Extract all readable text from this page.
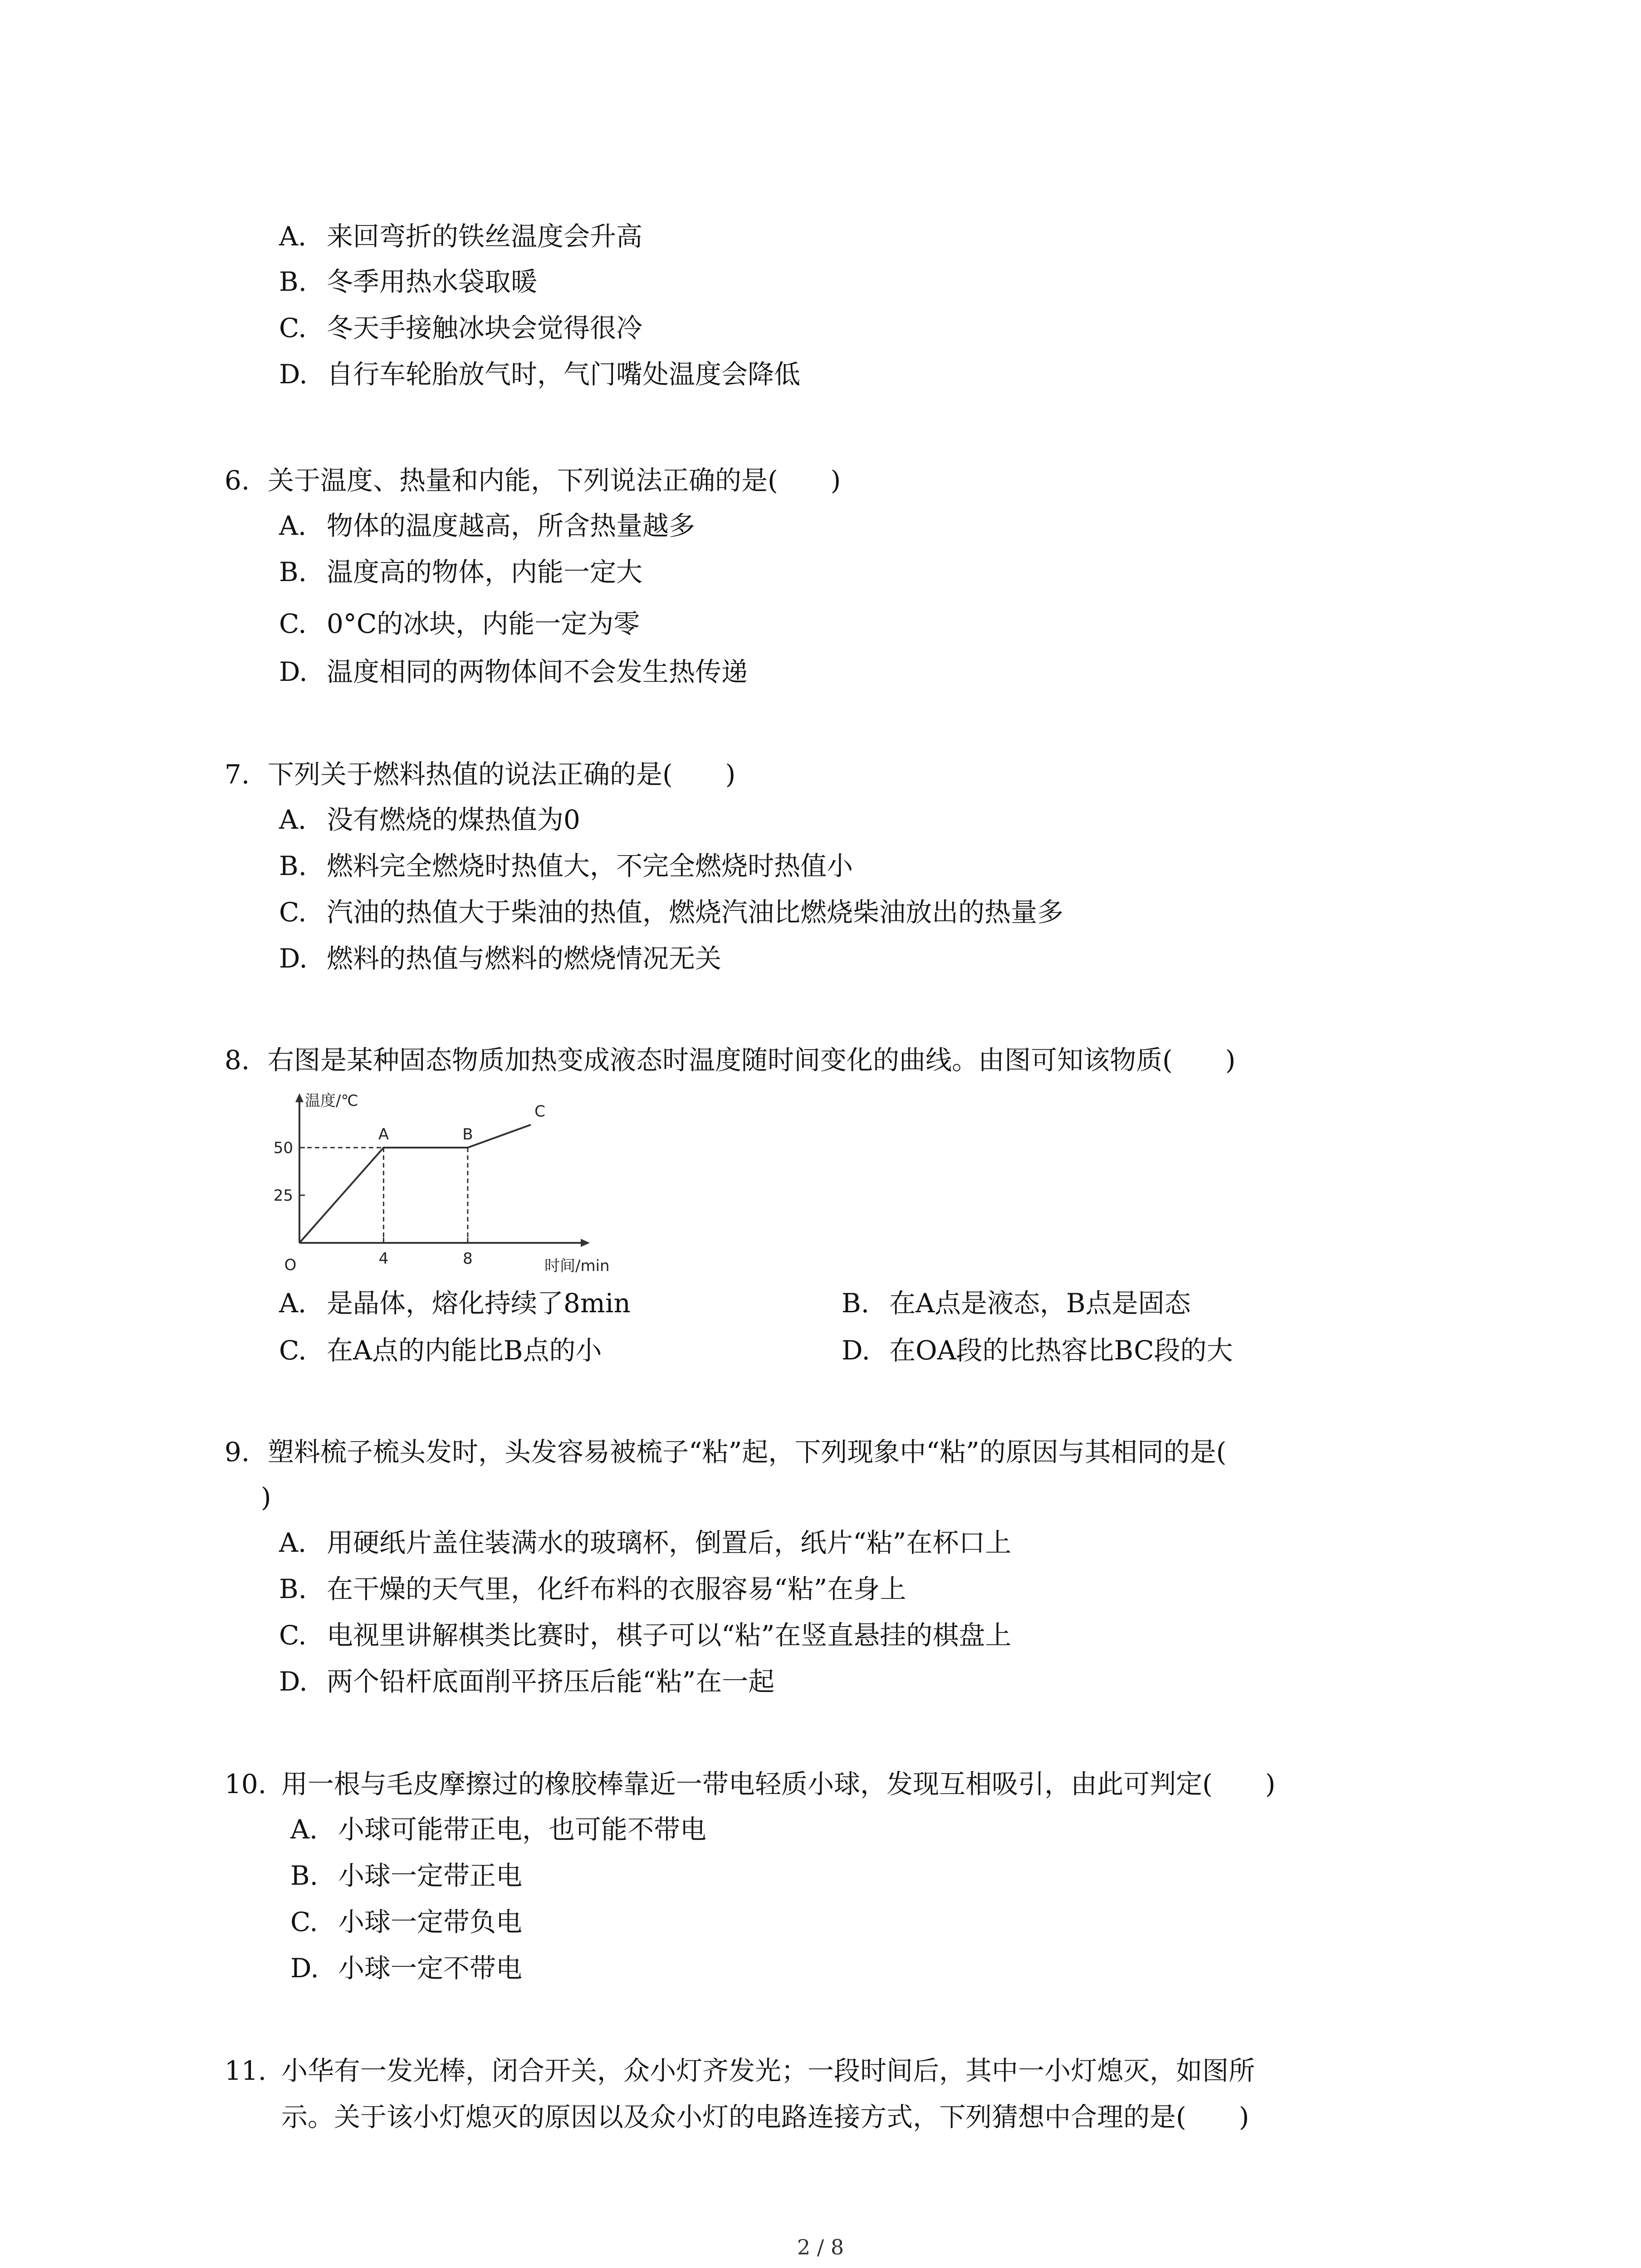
A. 来回弯折的铁丝温度会升高
B. 冬季用热水袋取暖
C. 冬天手接触冰块会觉得很冷
D. 自行车轮胎放气时，气门嘴处温度会降低
6. 关于温度、热量和内能，下列说法正确的是(　　)
A. 物体的温度越高，所含热量越多
B. 温度高的物体，内能一定大
C. 0°C的冰块，内能一定为零
D. 温度相同的两物体间不会发生热传递
7. 下列关于燃料热值的说法正确的是(　　)
A. 没有燃烧的煤热值为0
B. 燃料完全燃烧时热值大，不完全燃烧时热值小
C. 汽油的热值大于柴油的热值，燃烧汽油比燃烧柴油放出的热量多
D. 燃料的热值与燃料的燃烧情况无关
8. 右图是某种固态物质加热变成液态时温度随时间变化的曲线。由图可知该物质(　　)
温度/℃
时间/min
O
A	B
C
25
50
4	8
A. 是晶体，熔化持续了8min	B. 在A点是液态，B点是固态
C. 在A点的内能比B点的小	D. 在OA段的比热容比BC段的大
9. 塑料梳子梳头发时，头发容易被梳子“粘”起，下列现象中“粘”的原因与其相同的是(
)
A. 用硬纸片盖住装满水的玻璃杯，倒置后，纸片“粘”在杯口上
B. 在干燥的天气里，化纤布料的衣服容易“粘”在身上
C. 电视里讲解棋类比赛时，棋子可以“粘”在竖直悬挂的棋盘上
D. 两个铅杆底面削平挤压后能“粘”在一起
10. 用一根与毛皮摩擦过的橡胶棒靠近一带电轻质小球，发现互相吸引，由此可判定(　　)
A. 小球可能带正电，也可能不带电
B. 小球一定带正电
C. 小球一定带负电
D. 小球一定不带电
11. 小华有一发光棒，闭合开关，众小灯齐发光；一段时间后，其中一小灯熄灭，如图所
示。关于该小灯熄灭的原因以及众小灯的电路连接方式，下列猜想中合理的是(　　)
2 / 8
